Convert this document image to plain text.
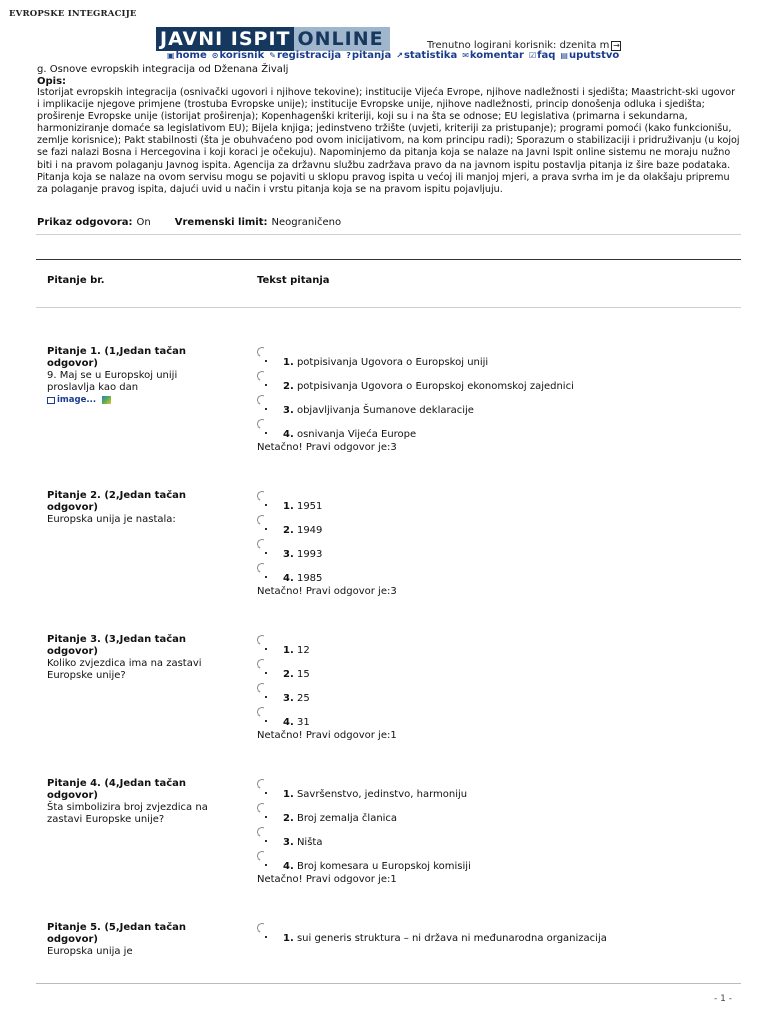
EVROPSKE INTEGRACIJE
JAVNI ISPIT ONLINE	Trenutno logirani korisnik: dzenita m →
▣ home ⊙ korisnik ✎ registracija ? pitanja ↗ statistika ✉ komentar ☑ faq ▤ uputstvo
g. Osnove evropskih integracija od Dženana Živalj
Opis:
Istorijat evropskih integracija (osnivački ugovori i njihove tekovine); institucije Vijeća Evrope, njihove nadležnosti i sjedišta; Maastricht-ski ugovor i implikacije njegove primjene (trostuba Evropske unije); institucije Evropske unije, njihove nadležnosti, princip donošenja odluka i sjedišta; proširenje Evropske unije (istorijat proširenja); Kopenhagenški kriteriji, koji su i na šta se odnose; EU legislativa (primarna i sekundarna, harmoniziranje domaće sa legislativom EU); Bijela knjiga; jedinstveno tržište (uvjeti, kriteriji za pristupanje); programi pomoći (kako funkcionišu, zemlje korisnice); Pakt stabilnosti (šta je obuhvaćeno pod ovom inicijativom, na kom principu radi); Sporazum o stabilizaciji i pridruživanju (u kojoj se fazi nalazi Bosna i Hercegovina i koji koraci je očekuju). Napominjemo da pitanja koja se nalaze na Javni Ispit online sistemu ne moraju nužno biti i na pravom polaganju Javnog ispita. Agencija za državnu službu zadržava pravo da na javnom ispitu postavlja pitanja iz šire baze podataka. Pitanja koja se nalaze na ovom servisu mogu se pojaviti u sklopu pravog ispita u većoj ili manjoj mjeri, a prava svrha im je da olakšaju pripremu za polaganje pravog ispita, dajući uvid u način i vrstu pitanja koja se na pravom ispitu pojavljuju.
Prikaz odgovora: On Vremenski limit: Neograničeno
Pitanje br.	Tekst pitanja
Pitanje 1. (1,Jedan tačan odgovor)
9. Maj se u Europskoj uniji proslavlja kao dan
image...
1. potpisivanja Ugovora o Europskoj uniji
2. potpisivanja Ugovora o Europskoj ekonomskoj zajednici
3. objavljivanja Šumanove deklaracije
4. osnivanja Vijeća Europe
Netačno! Pravi odgovor je:3
Pitanje 2. (2,Jedan tačan odgovor)
Europska unija je nastala:
1. 1951
2. 1949
3. 1993
4. 1985
Netačno! Pravi odgovor je:3
Pitanje 3. (3,Jedan tačan odgovor)
Koliko zvjezdica ima na zastavi Europske unije?
1. 12
2. 15
3. 25
4. 31
Netačno! Pravi odgovor je:1
Pitanje 4. (4,Jedan tačan odgovor)
Šta simbolizira broj zvjezdica na zastavi Europske unije?
1. Savršenstvo, jedinstvo, harmoniju
2. Broj zemalja članica
3. Ništa
4. Broj komesara u Europskoj komisiji
Netačno! Pravi odgovor je:1
Pitanje 5. (5,Jedan tačan odgovor)
Europska unija je
1. sui generis struktura – ni država ni međunarodna organizacija
- 1 -
